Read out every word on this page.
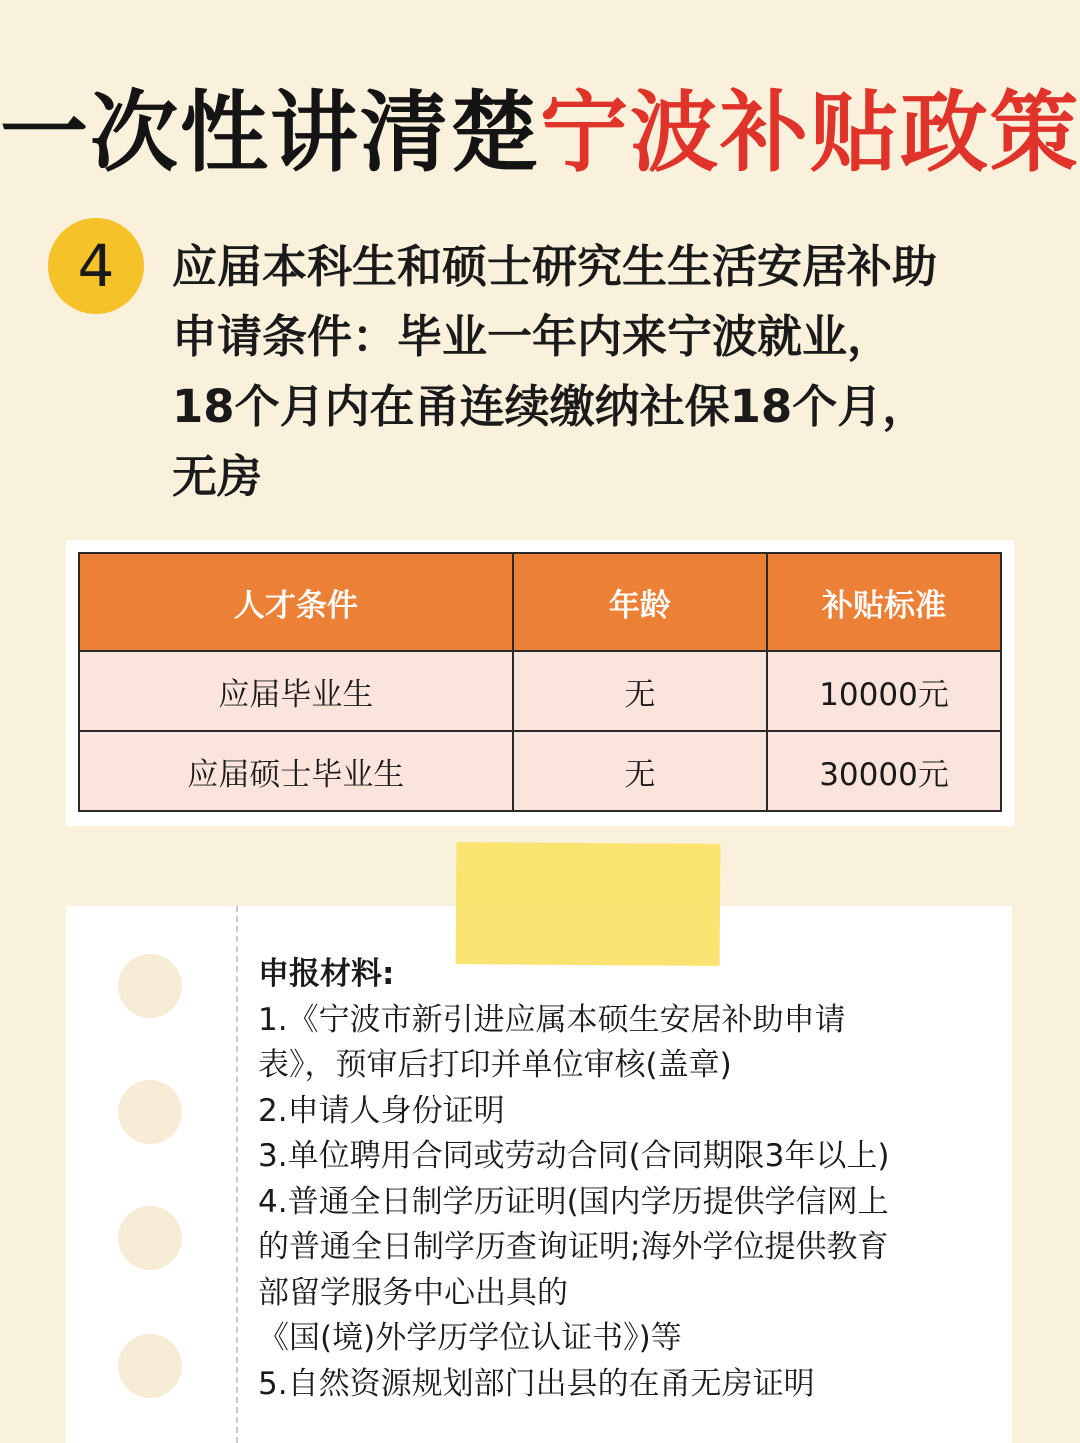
一次性讲清楚宁波补贴政策
4	应届本科生和硕士研究生生活安居补助
申请条件：毕业一年内来宁波就业，
18个月内在甬连续缴纳社保18个月，
无房
人才条件	年龄	补贴标准
应届毕业生	无	10000元
应届硕士毕业生	无	30000元
申报材料:
1.《宁波市新引进应属本硕生安居补助申请
表》，预审后打印并单位审核(盖章)
2.申请人身份证明
3.单位聘用合同或劳动合同(合同期限3年以上)
4.普通全日制学历证明(国内学历提供学信网上
的普通全日制学历查询证明;海外学位提供教育
部留学服务中心出具的
《国(境)外学历学位认证书》)等
5.自然资源规划部门出县的在甬无房证明
